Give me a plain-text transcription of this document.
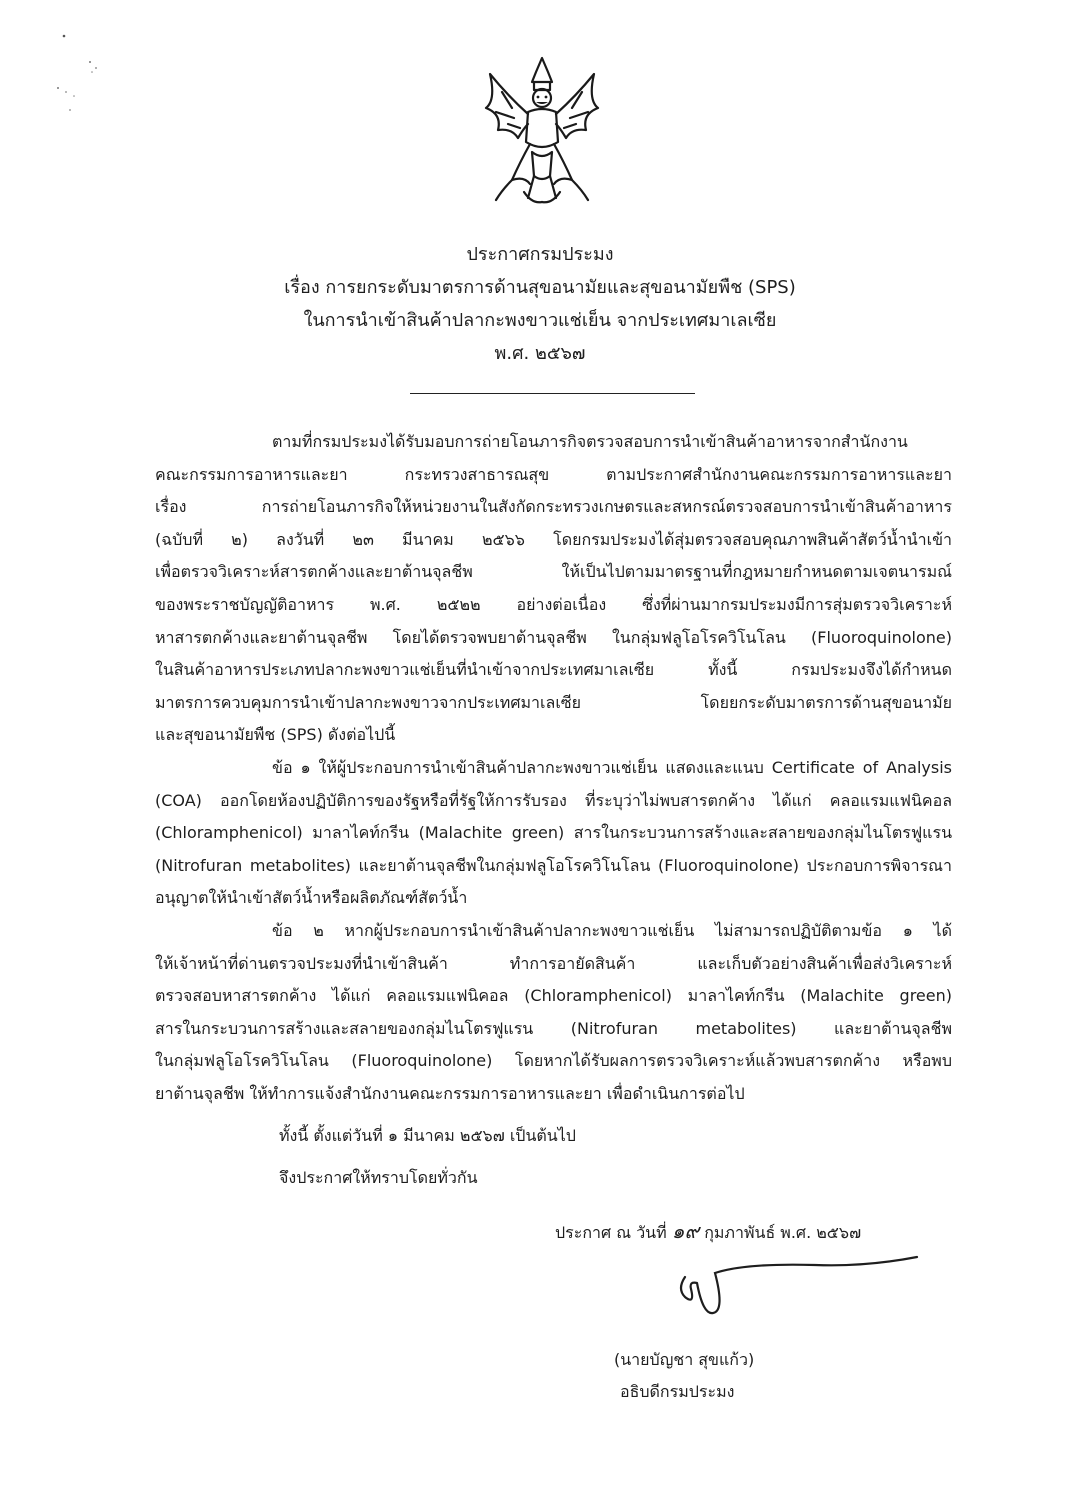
ประกาศกรมประมง
เรื่อง การยกระดับมาตรการด้านสุขอนามัยและสุขอนามัยพืช (SPS)
ในการนำเข้าสินค้าปลากะพงขาวแช่เย็น จากประเทศมาเลเซีย
พ.ศ. ๒๕๖๗
ตามที่กรมประมงได้รับมอบการถ่ายโอนภารกิจตรวจสอบการนำเข้าสินค้าอาหารจากสำนักงาน
คณะกรรมการอาหารและยา กระทรวงสาธารณสุข ตามประกาศสำนักงานคณะกรรมการอาหารและยา
เรื่อง การถ่ายโอนภารกิจให้หน่วยงานในสังกัดกระทรวงเกษตรและสหกรณ์ตรวจสอบการนำเข้าสินค้าอาหาร
(ฉบับที่ ๒) ลงวันที่ ๒๓ มีนาคม ๒๕๖๖ โดยกรมประมงได้สุ่มตรวจสอบคุณภาพสินค้าสัตว์น้ำนำเข้า
เพื่อตรวจวิเคราะห์สารตกค้างและยาต้านจุลชีพ ให้เป็นไปตามมาตรฐานที่กฎหมายกำหนดตามเจตนารมณ์
ของพระราชบัญญัติอาหาร พ.ศ. ๒๕๒๒ อย่างต่อเนื่อง ซึ่งที่ผ่านมากรมประมงมีการสุ่มตรวจวิเคราะห์
หาสารตกค้างและยาต้านจุลชีพ โดยได้ตรวจพบยาต้านจุลชีพ ในกลุ่มฟลูโอโรควิโนโลน (Fluoroquinolone)
ในสินค้าอาหารประเภทปลากะพงขาวแช่เย็นที่นำเข้าจากประเทศมาเลเซีย ทั้งนี้ กรมประมงจึงได้กำหนด
มาตรการควบคุมการนำเข้าปลากะพงขาวจากประเทศมาเลเซีย โดยยกระดับมาตรการด้านสุขอนามัย
และสุขอนามัยพืช (SPS) ดังต่อไปนี้
ข้อ ๑ ให้ผู้ประกอบการนำเข้าสินค้าปลากะพงขาวแช่เย็น แสดงและแนบ Certificate of Analysis
(COA) ออกโดยห้องปฏิบัติการของรัฐหรือที่รัฐให้การรับรอง ที่ระบุว่าไม่พบสารตกค้าง ได้แก่ คลอแรมแฟนิคอล
(Chloramphenicol) มาลาไคท์กรีน (Malachite green) สารในกระบวนการสร้างและสลายของกลุ่มไนโตรฟูแรน
(Nitrofuran metabolites) และยาต้านจุลชีพในกลุ่มฟลูโอโรควิโนโลน (Fluoroquinolone) ประกอบการพิจารณา
อนุญาตให้นำเข้าสัตว์น้ำหรือผลิตภัณฑ์สัตว์น้ำ
ข้อ ๒ หากผู้ประกอบการนำเข้าสินค้าปลากะพงขาวแช่เย็น ไม่สามารถปฏิบัติตามข้อ ๑ ได้
ให้เจ้าหน้าที่ด่านตรวจประมงที่นำเข้าสินค้า ทำการอายัดสินค้า และเก็บตัวอย่างสินค้าเพื่อส่งวิเคราะห์
ตรวจสอบหาสารตกค้าง ได้แก่ คลอแรมแฟนิคอล (Chloramphenicol) มาลาไคท์กรีน (Malachite green)
สารในกระบวนการสร้างและสลายของกลุ่มไนโตรฟูแรน (Nitrofuran metabolites) และยาต้านจุลชีพ
ในกลุ่มฟลูโอโรควิโนโลน (Fluoroquinolone) โดยหากได้รับผลการตรวจวิเคราะห์แล้วพบสารตกค้าง หรือพบ
ยาต้านจุลชีพ ให้ทำการแจ้งสำนักงานคณะกรรมการอาหารและยา เพื่อดำเนินการต่อไป
ทั้งนี้ ตั้งแต่วันที่ ๑ มีนาคม ๒๕๖๗ เป็นต้นไป
จึงประกาศให้ทราบโดยทั่วกัน
ประกาศ ณ วันที่ ๑๙ กุมภาพันธ์ พ.ศ. ๒๕๖๗
(นายบัญชา สุขแก้ว)
อธิบดีกรมประมง
